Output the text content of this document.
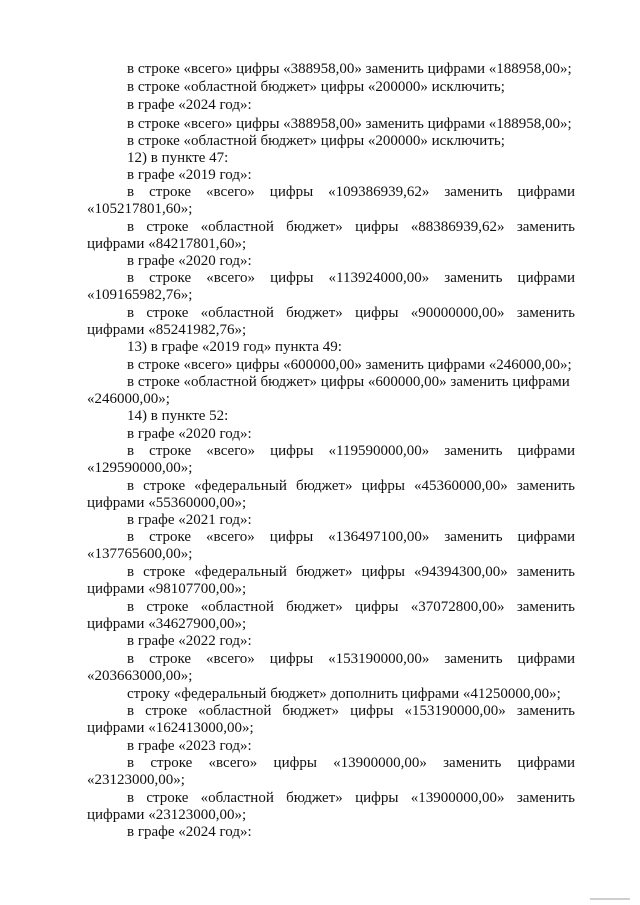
в строке «всего» цифры «388958,00» заменить цифрами «188958,00»;

в строке «областной бюджет» цифры «200000» исключить;

в графе «2024 год»:

в строке «всего» цифры «388958,00» заменить цифрами «188958,00»;

в строке «областной бюджет» цифры «200000» исключить;

12) в пункте 47:

в графе «2019 год»:

в строке «всего» цифры «109386939,62» заменить цифрами

«105217801,60»;

в строке «областной бюджет» цифры «88386939,62» заменить

цифрами «84217801,60»;

в графе «2020 год»:

в строке «всего» цифры «113924000,00» заменить цифрами

«109165982,76»;

в строке «областной бюджет» цифры «90000000,00» заменить

цифрами «85241982,76»;

13) в графе «2019 год» пункта 49:

в строке «всего» цифры «600000,00» заменить цифрами «246000,00»;

в строке «областной бюджет» цифры «600000,00» заменить цифрами

«246000,00»;

14) в пункте 52:

в графе «2020 год»:

в строке «всего» цифры «119590000,00» заменить цифрами

«129590000,00»;

в строке «федеральный бюджет» цифры «45360000,00» заменить

цифрами «55360000,00»;

в графе «2021 год»:

в строке «всего» цифры «136497100,00» заменить цифрами

«137765600,00»;

в строке «федеральный бюджет» цифры «94394300,00» заменить

цифрами «98107700,00»;

в строке «областной бюджет» цифры «37072800,00» заменить

цифрами «34627900,00»;

в графе «2022 год»:

в строке «всего» цифры «153190000,00» заменить цифрами

«203663000,00»;

строку «федеральный бюджет» дополнить цифрами «41250000,00»;

в строке «областной бюджет» цифры «153190000,00» заменить

цифрами «162413000,00»;

в графе «2023 год»:

в строке «всего» цифры «13900000,00» заменить цифрами

«23123000,00»;

в строке «областной бюджет» цифры «13900000,00» заменить

цифрами «23123000,00»;

в графе «2024 год»:
